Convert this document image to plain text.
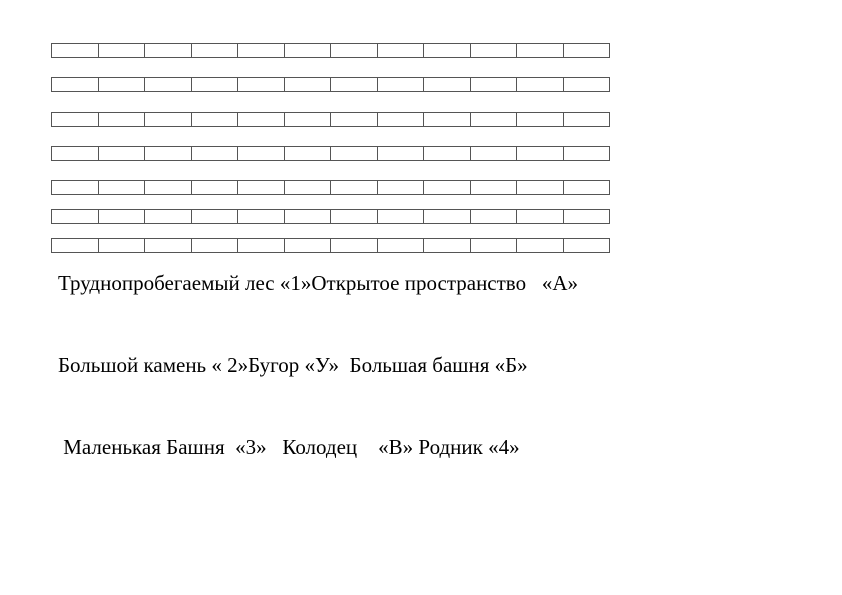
Труднопробегаемый лес «1»Открытое пространство   «А»
Большой камень « 2»Бугор «У»  Большая башня «Б»
Маленькая Башня  «3»   Колодец    «В» Родник «4»
